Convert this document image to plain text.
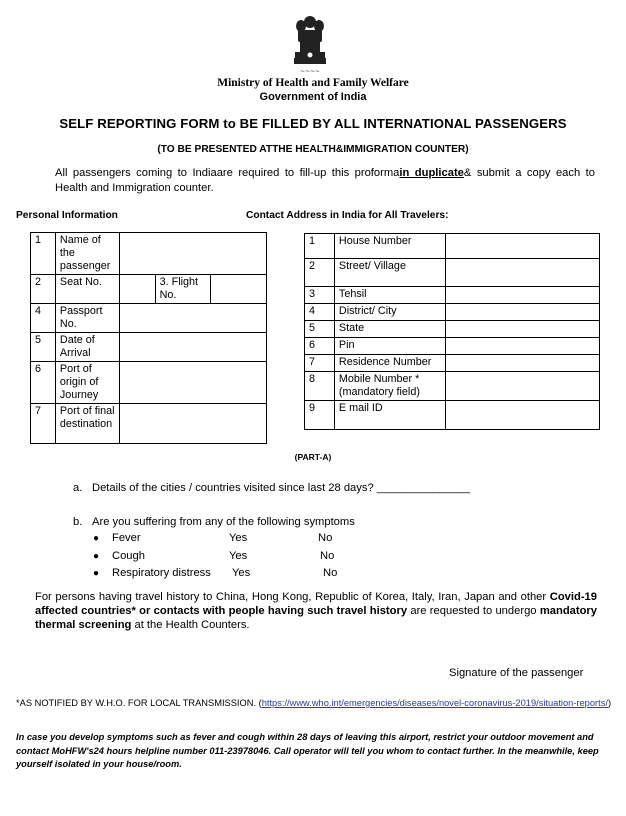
~~~~
Ministry of Health and Family Welfare
Government of India
SELF REPORTING FORM to BE FILLED BY ALL INTERNATIONAL PASSENGERS
(TO BE PRESENTED ATTHE HEALTH&IMMIGRATION COUNTER)
All passengers coming to Indiaare required to fill-up this proformain duplicate& submit a copy each to Health and Immigration counter.
Personal Information	Contact Address in India for All Travelers:
1	Name of the passenger			
2	Seat No.		3. Flight No.	
4	Passport No.			
5	Date of Arrival			
6	Port of origin of Journey			
7	Port of final destination			
1	House Number	
2	Street/ Village	
3	Tehsil	
4	District/ City	
5	State	
6	Pin	
7	Residence Number	
8	Mobile Number * (mandatory field)	
9	E mail ID	
(PART-A)
a. Details of the cities / countries visited since last 28 days? _______________
b. Are you suffering from any of the following symptoms
● Fever	Yes	No
● Cough	Yes	No
● Respiratory distress Yes	No
For persons having travel history to China, Hong Kong, Republic of Korea, Italy, Iran, Japan and other Covid-19 affected countries* or contacts with people having such travel history are requested to undergo mandatory thermal screening at the Health Counters.
Signature of the passenger
*AS NOTIFIED BY W.H.O. FOR LOCAL TRANSMISSION. (https://www.who.int/emergencies/diseases/novel-coronavirus-2019/situation-reports/)
In case you develop symptoms such as fever and cough within 28 days of leaving this airport, restrict your outdoor movement and contact MoHFW's24 hours helpline number 011-23978046. Call operator will tell you whom to contact further. In the meanwhile, keep yourself isolated in your house/room.
